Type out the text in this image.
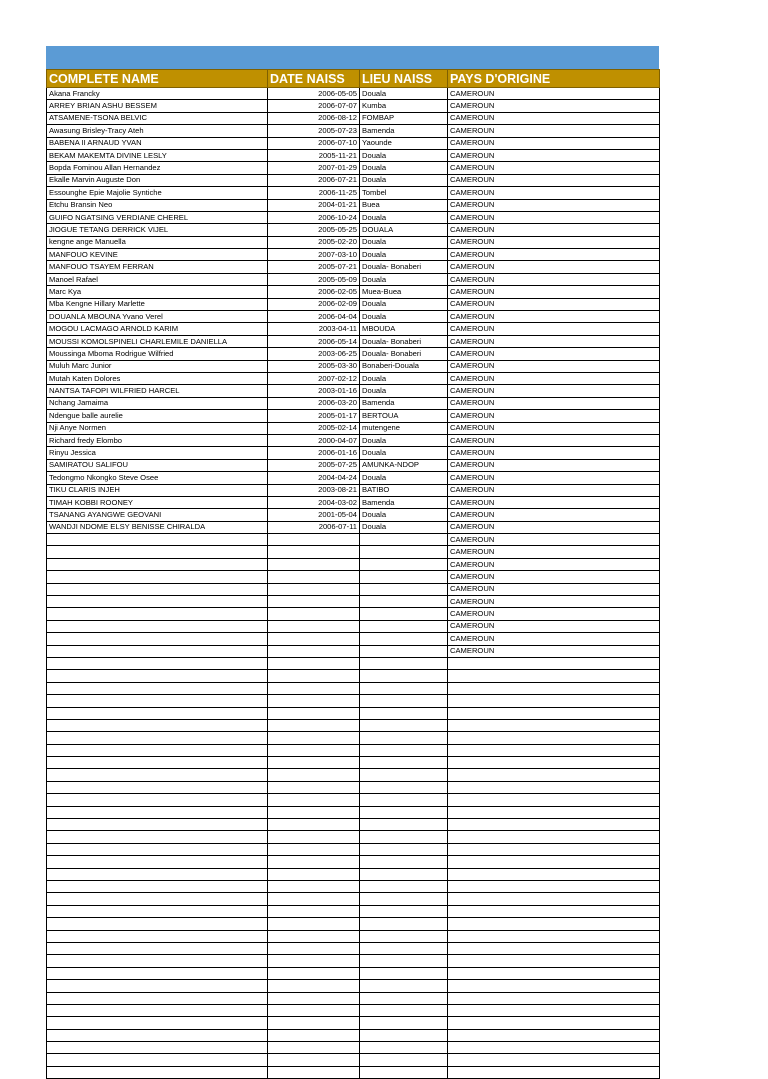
COMPLETE NAME	DATE NAISS	LIEU NAISS	PAYS D'ORIGINE
Akana Francky	2006-05-05	Douala	CAMEROUN
ARREY BRIAN ASHU BESSEM	2006-07-07	Kumba	CAMEROUN
ATSAMENE-TSONA BELVIC	2006-08-12	FOMBAP	CAMEROUN
Awasung Brisley-Tracy Ateh	2005-07-23	Bamenda	CAMEROUN
BABENA II ARNAUD YVAN	2006-07-10	Yaounde	CAMEROUN
BEKAM MAKEMTA DIVINE LESLY	2005-11-21	Douala	CAMEROUN
Bopda Fominou Allan Hernandez	2007-01-29	Douala	CAMEROUN
Ekalle Marvin Auguste Don	2006-07-21	Douala	CAMEROUN
Essounghe Epie Majolie Syntiche	2006-11-25	Tombel	CAMEROUN
Etchu Bransin Neo	2004-01-21	Buea	CAMEROUN
GUIFO NGATSING VERDIANE CHEREL	2006-10-24	Douala	CAMEROUN
JIOGUE TETANG DERRICK VIJEL	2005-05-25	DOUALA	CAMEROUN
kengne ange Manuella	2005-02-20	Douala	CAMEROUN
MANFOUO KEVINE	2007-03-10	Douala	CAMEROUN
MANFOUO TSAYEM FERRAN	2005-07-21	Douala- Bonaberi	CAMEROUN
Manoel Rafael	2005-05-09	Douala	CAMEROUN
Marc Kya	2006-02-05	Muea-Buea	CAMEROUN
Mba Kengne Hillary Marlette	2006-02-09	Douala	CAMEROUN
DOUANLA MBOUNA Yvano Verel	2006-04-04	Douala	CAMEROUN
MOGOU LACMAGO ARNOLD KARIM	2003-04-11	MBOUDA	CAMEROUN
MOUSSI KOMOLSPINELI CHARLEMILE DANIELLA	2006-05-14	Douala- Bonaberi	CAMEROUN
Moussinga Mboma Rodrigue Wilfried	2003-06-25	Douala- Bonaberi	CAMEROUN
Muluh Marc Junior	2005-03-30	Bonaberi-Douala	CAMEROUN
Mutah Katen Dolores	2007-02-12	Douala	CAMEROUN
NANTSA TAFOPI WILFRIED HARCEL	2003-01-16	Douala	CAMEROUN
Nchang Jamaima	2006-03-20	Bamenda	CAMEROUN
Ndengue balle aurelie	2005-01-17	BERTOUA	CAMEROUN
Nji Anye Normen	2005-02-14	mutengene	CAMEROUN
Richard fredy Elombo	2000-04-07	Douala	CAMEROUN
Rinyu Jessica	2006-01-16	Douala	CAMEROUN
SAMIRATOU SALIFOU	2005-07-25	AMUNKA-NDOP	CAMEROUN
Tedongmo Nkongko Steve Osee	2004-04-24	Douala	CAMEROUN
TIKU CLARIS INJEH	2003-08-21	BATIBO	CAMEROUN
TIMAH KOBBI ROONEY	2004-03-02	Bamenda	CAMEROUN
TSANANG AYANGWE GEOVANI	2001-05-04	Douala	CAMEROUN
WANDJI NDOME ELSY BENISSE CHIRALDA	2006-07-11	Douala	CAMEROUN
			CAMEROUN
			CAMEROUN
			CAMEROUN
			CAMEROUN
			CAMEROUN
			CAMEROUN
			CAMEROUN
			CAMEROUN
			CAMEROUN
			CAMEROUN
